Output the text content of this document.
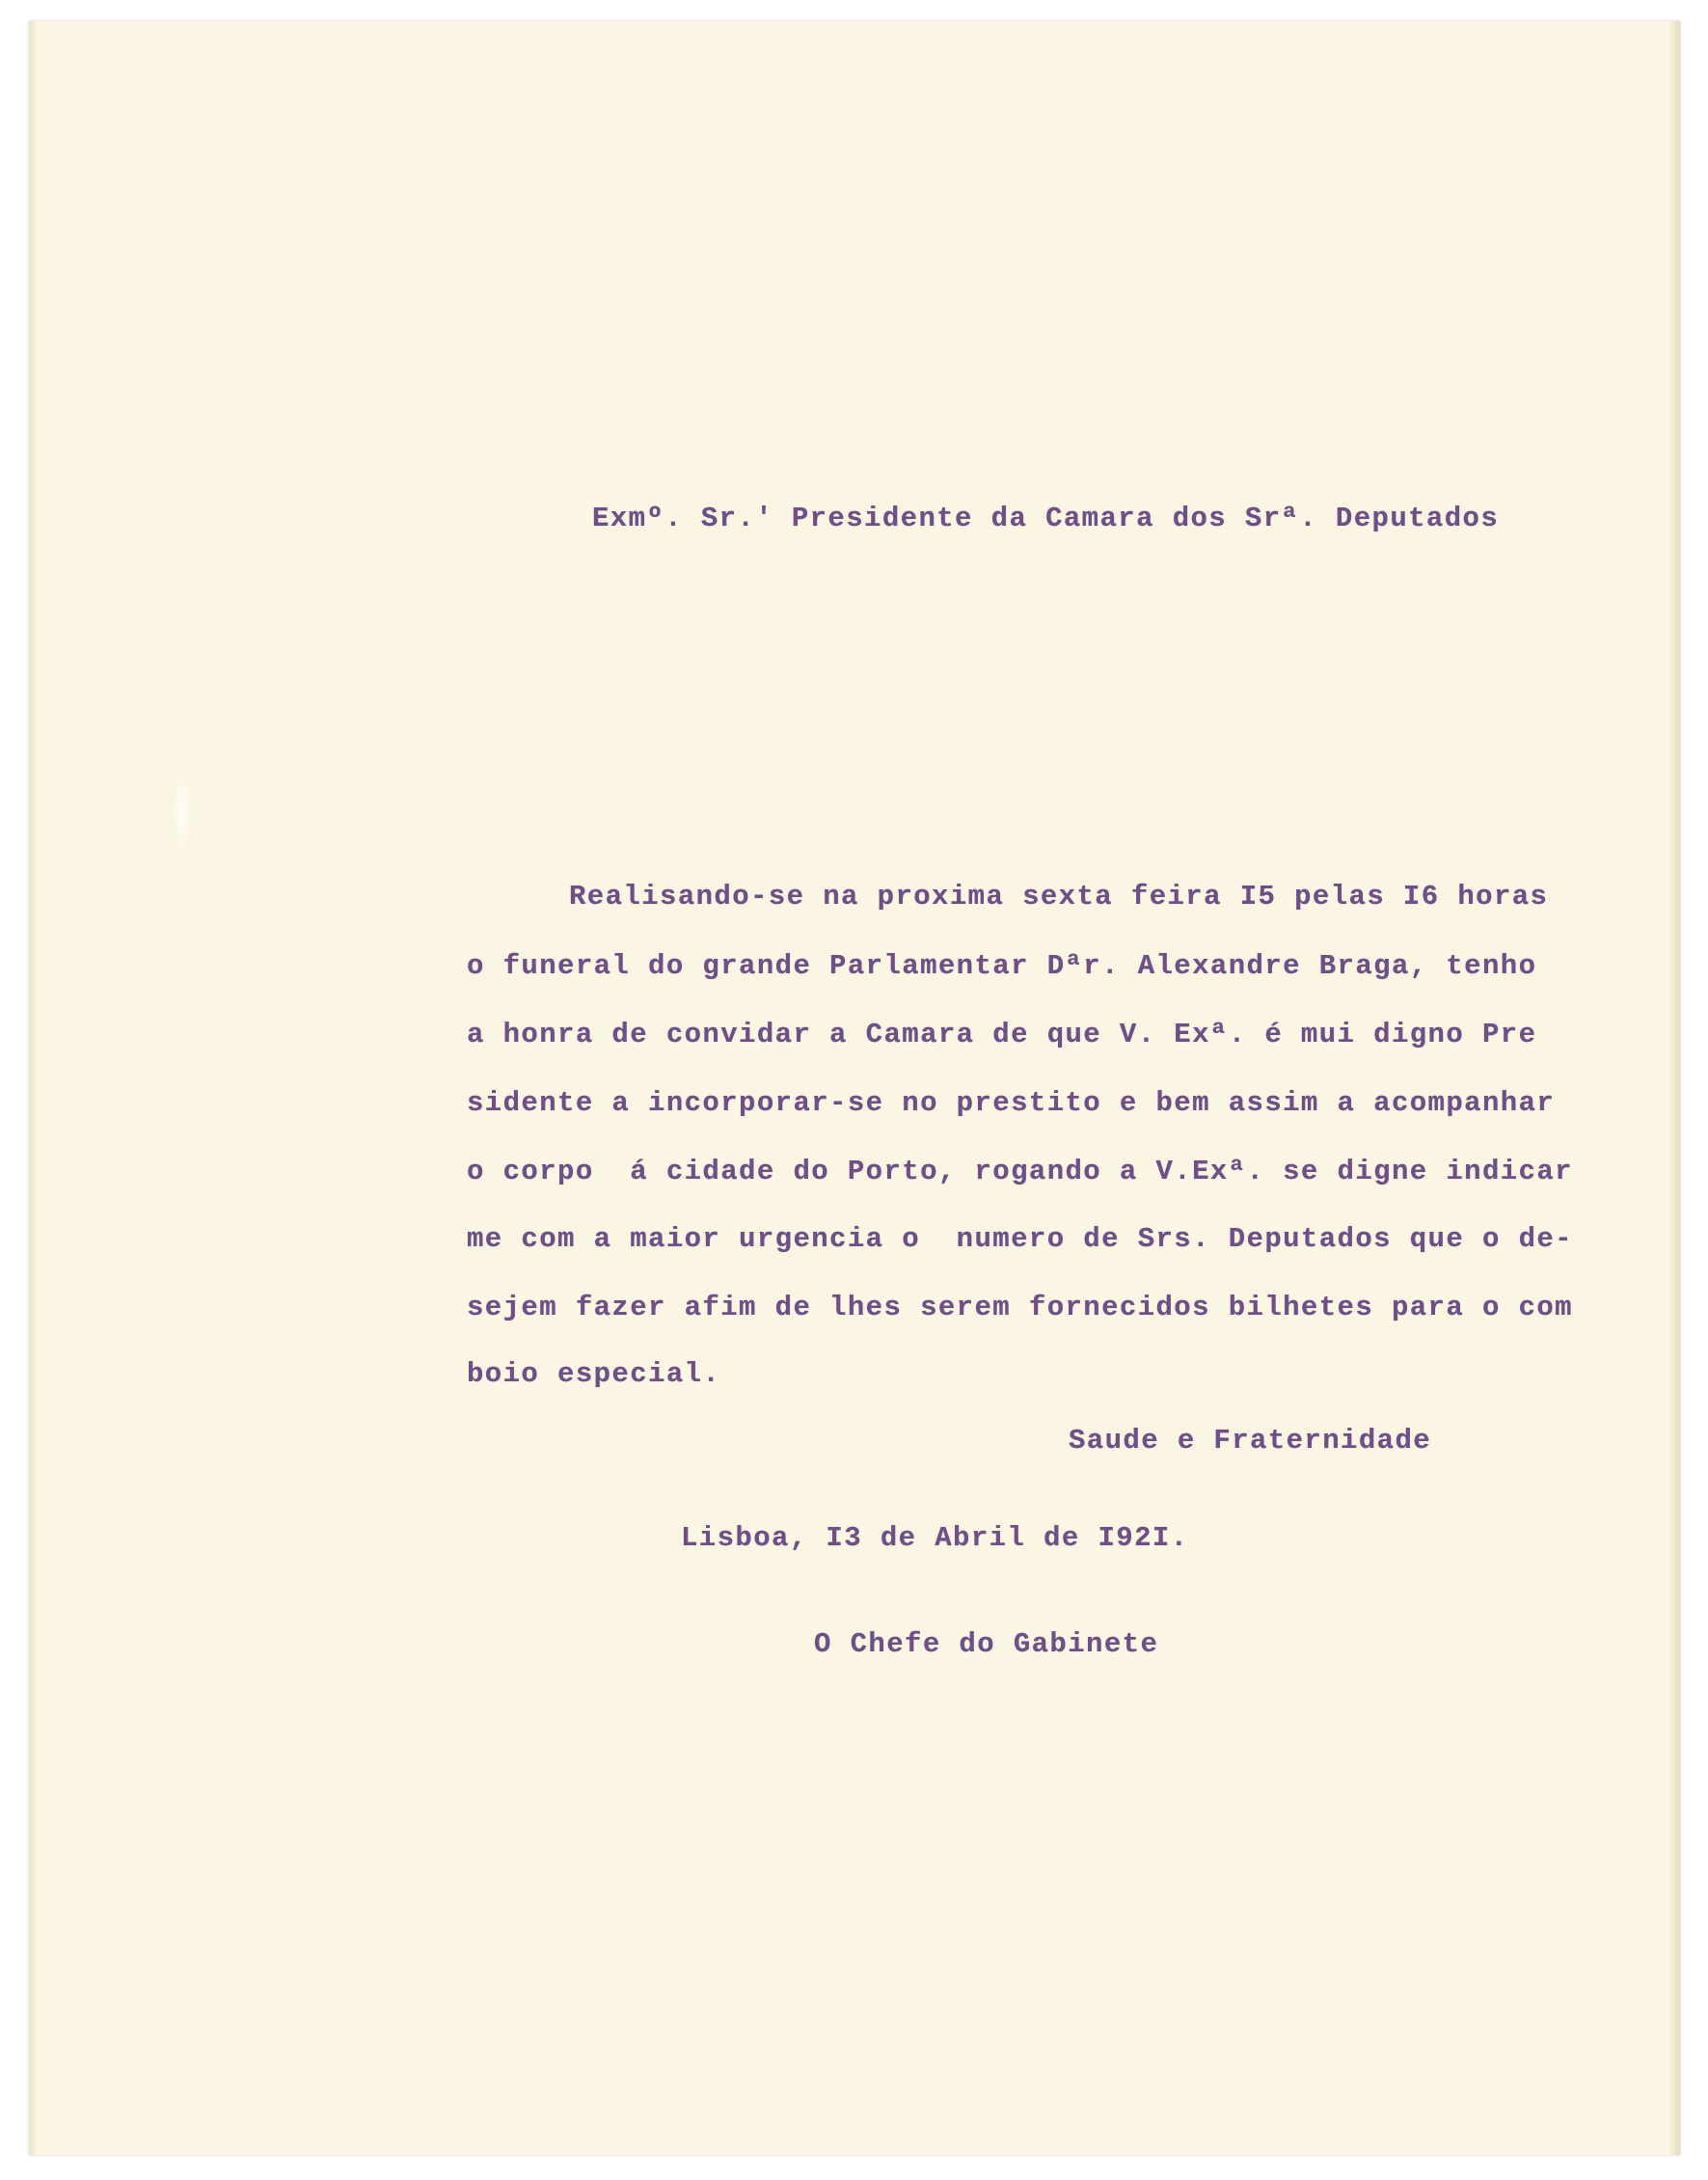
Exmº. Sr.' Presidente da Camara dos Srª. Deputados
Realisando-se na proxima sexta feira I5 pelas I6 horas
o funeral do grande Parlamentar Dªr. Alexandre Braga, tenho
a honra de convidar a Camara de que V. Exª. é mui digno Pre
sidente a incorporar-se no prestito e bem assim a acompanhar
o corpo  á cidade do Porto, rogando a V.Exª. se digne indicar
me com a maior urgencia o  numero de Srs. Deputados que o de-
sejem fazer afim de lhes serem fornecidos bilhetes para o com
boio especial.
Saude e Fraternidade
Lisboa, I3 de Abril de I92I.
O Chefe do Gabinete
